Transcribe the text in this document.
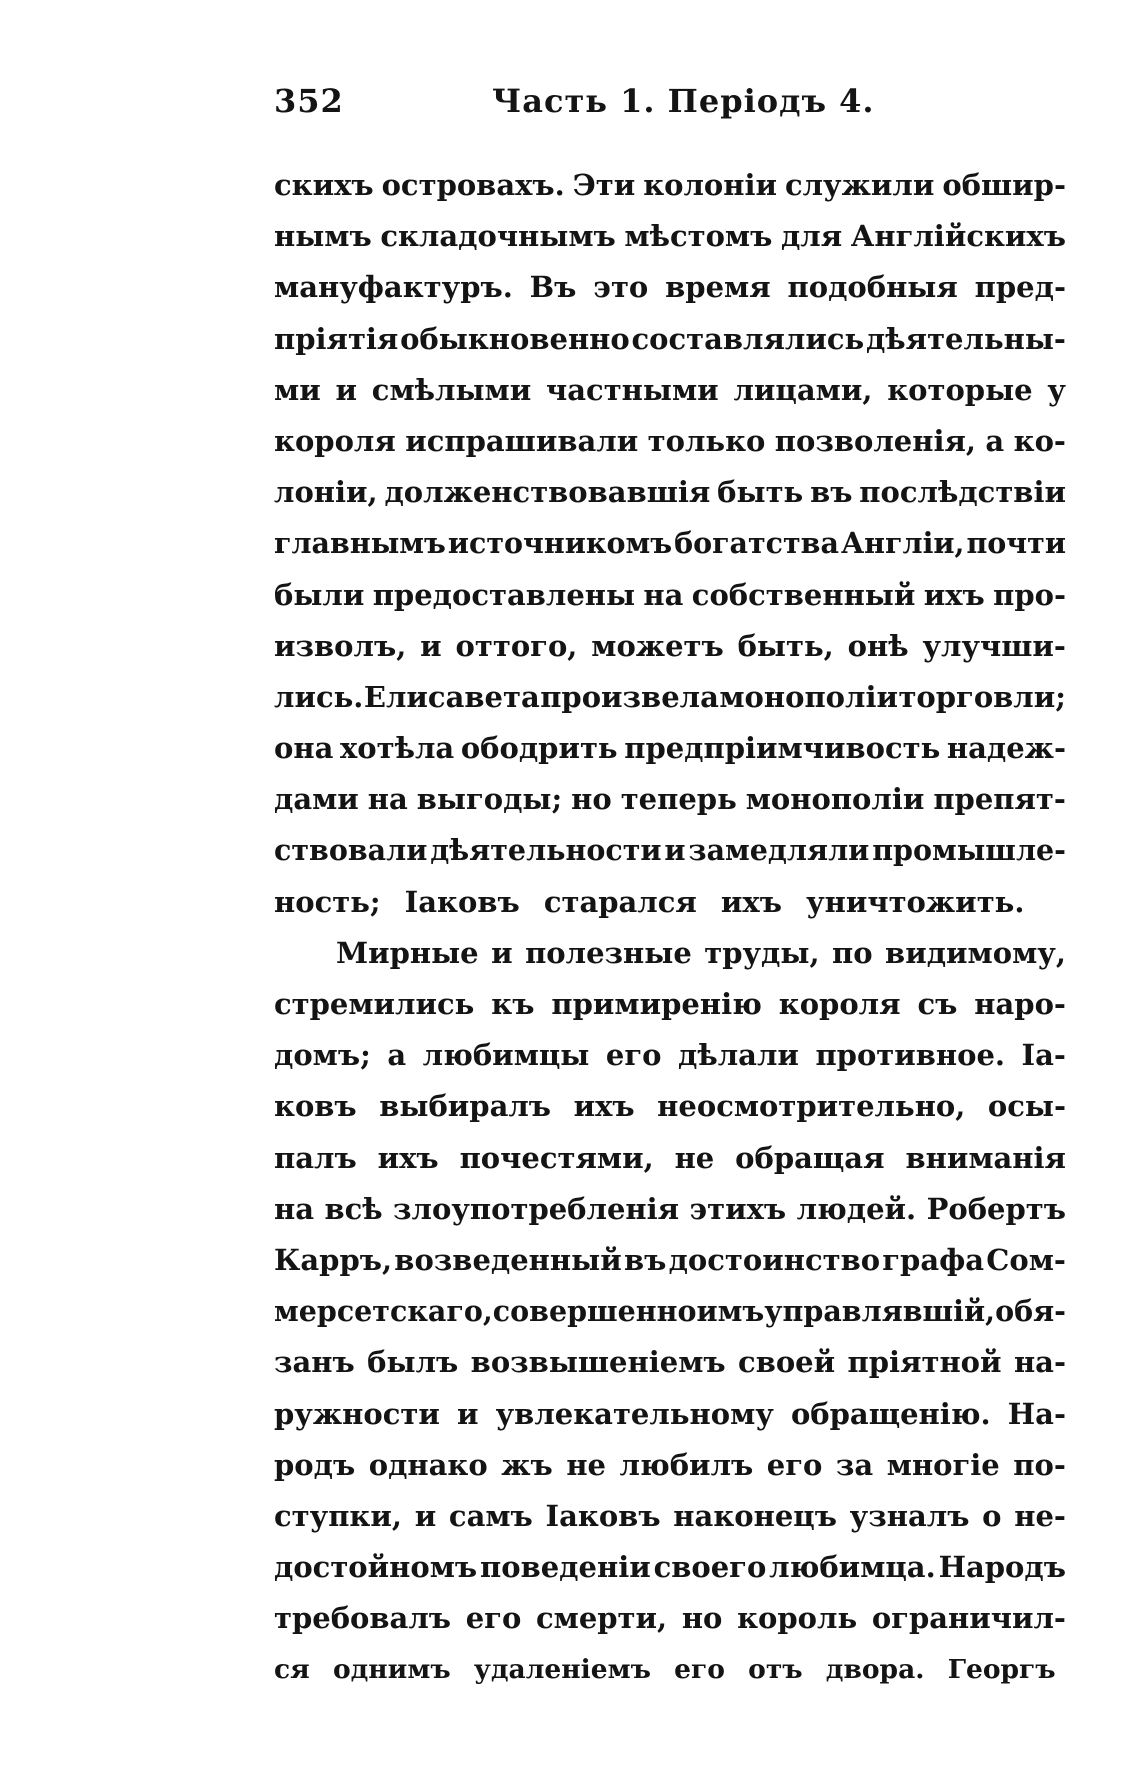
352	Часть 1. Періодъ 4.
скихъ островахъ. Эти колоніи служили обшир-
нымъ складочнымъ мѣстомъ для Англійскихъ
мануфактуръ. Въ это время подобныя пред-
пріятія обыкновенно составлялись дѣятельны-
ми и смѣлыми частными лицами, которые у
короля испрашивали только позволенія, а ко-
лоніи, долженствовавшія быть въ послѣдствіи
главнымъ источникомъ богатства Англіи, почти
были предоставлены на собственный ихъ про-
изволъ, и оттого, можетъ быть, онѣ улучши-
лись. Елисавета произвела монополіи торговли;
она хотѣла ободрить предпріимчивость надеж-
дами на выгоды; но теперь монополіи препят-
ствовали дѣятельности и замедляли промышле-
ность; Іаковъ старался ихъ уничтожить.
Мирные и полезные труды, по видимому,
стремились къ примиренію короля съ наро-
домъ; а любимцы его дѣлали противное. Іа-
ковъ выбиралъ ихъ неосмотрительно, осы-
палъ ихъ почестями, не обращая вниманія
на всѣ злоупотребленія этихъ людей. Робертъ
Карръ, возведенный въ достоинство графа Сом-
мерсетскаго, совершенно имъ управлявшій, обя-
занъ былъ возвышеніемъ своей пріятной на-
ружности и увлекательному обращенію. На-
родъ однако жъ не любилъ его за многіе по-
ступки, и самъ Іаковъ наконецъ узналъ о не-
достойномъ поведеніи своего любимца. Народъ
требовалъ его смерти, но король ограничил-
ся однимъ удаленіемъ его отъ двора. Георгъ
